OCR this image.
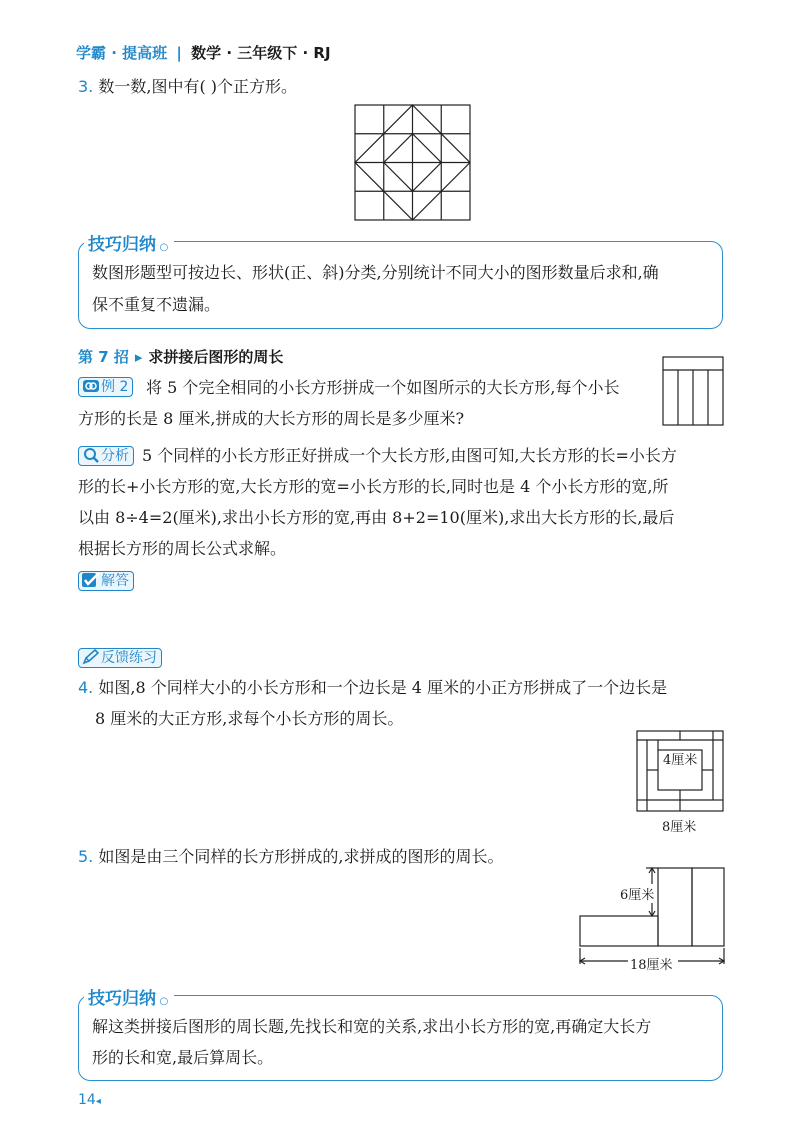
学霸 · 提高班 | 数学 · 三年级下 · RJ
3. 数一数,图中有( )个正方形。
技巧归纳 ○
数图形题型可按边长、形状(正、斜)分类,分别统计不同大小的图形数量后求和,确
保不重复不遗漏。
第 7 招 ▸ 求拼接后图形的周长
例 2	将 5 个完全相同的小长方形拼成一个如图所示的大长方形,每个小长
方形的长是 8 厘米,拼成的大长方形的周长是多少厘米?
分析 5 个同样的小长方形正好拼成一个大长方形,由图可知,大长方形的长=小长方
形的长+小长方形的宽,大长方形的宽=小长方形的长,同时也是 4 个小长方形的宽,所
以由 8÷4=2(厘米),求出小长方形的宽,再由 8+2=10(厘米),求出大长方形的长,最后
根据长方形的周长公式求解。
解答
反馈练习
4. 如图,8 个同样大小的小长方形和一个边长是 4 厘米的小正方形拼成了一个边长是
8 厘米的大正方形,求每个小长方形的周长。
4厘米
8厘米
5. 如图是由三个同样的长方形拼成的,求拼成的图形的周长。
6厘米
18厘米
技巧归纳 ○
解这类拼接后图形的周长题,先找长和宽的关系,求出小长方形的宽,再确定大长方
形的长和宽,最后算周长。
14◂
